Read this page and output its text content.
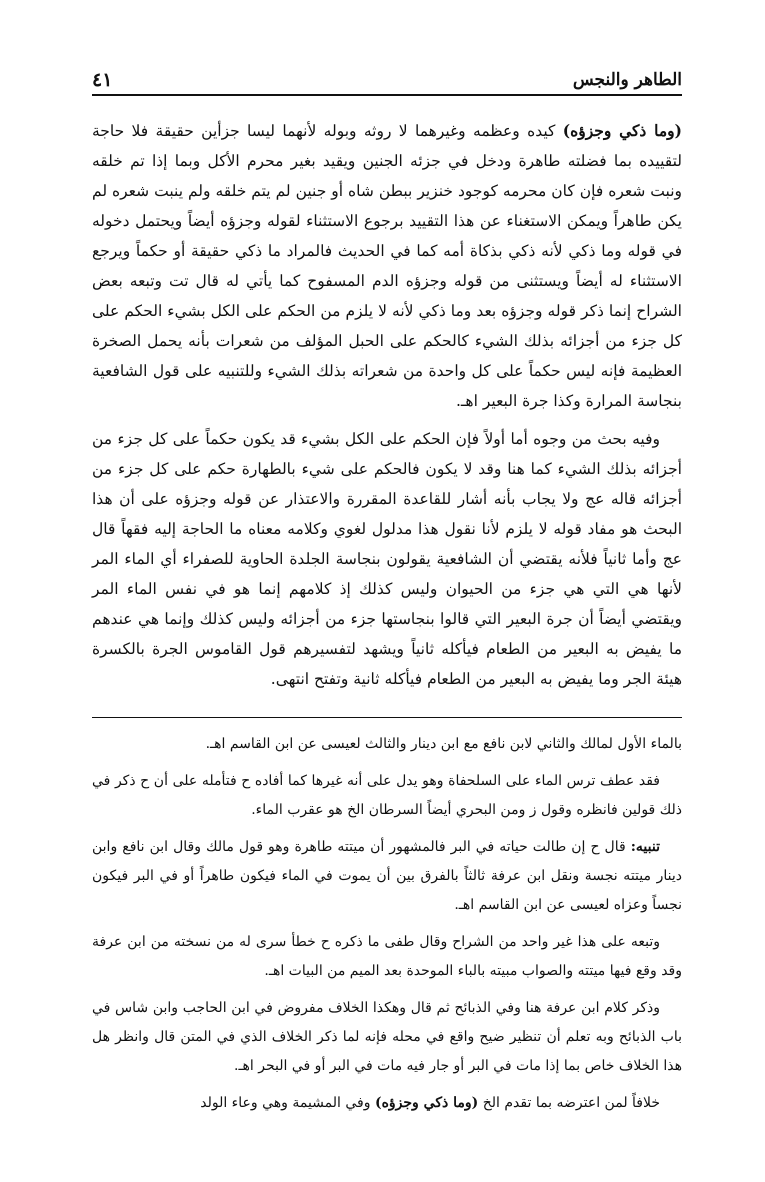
الطاهر والنجس
٤١

(وما ذكي وجزؤه) كيده وعظمه وغيرهما لا روثه وبوله لأنهما ليسا جزأين حقيقة فلا حاجة لتقييده بما فضلته طاهرة ودخل في جزئه الجنين ويقيد بغير محرم الأكل وبما إذا تم خلقه ونبت شعره فإن كان محرمه كوجود خنزير ببطن شاه أو جنين لم يتم خلقه ولم ينبت شعره لم يكن طاهراً ويمكن الاستغناء عن هذا التقييد برجوع الاستثناء لقوله وجزؤه أيضاً ويحتمل دخوله في قوله وما ذكي لأنه ذكي بذكاة أمه كما في الحديث فالمراد ما ذكي حقيقة أو حكماً ويرجع الاستثناء له أيضاً ويستثنى من قوله وجزؤه الدم المسفوح كما يأتي له قال تت وتبعه بعض الشراح إنما ذكر قوله وجزؤه بعد وما ذكي لأنه لا يلزم من الحكم على الكل بشيء الحكم على كل جزء من أجزائه بذلك الشيء كالحكم على الحبل المؤلف من شعرات بأنه يحمل الصخرة العظيمة فإنه ليس حكماً على كل واحدة من شعراته بذلك الشيء وللتنبيه على قول الشافعية بنجاسة المرارة وكذا جرة البعير اهـ.

وفيه بحث من وجوه أما أولاً فإن الحكم على الكل بشيء قد يكون حكماً على كل جزء من أجزائه بذلك الشيء كما هنا وقد لا يكون فالحكم على شيء بالطهارة حكم على كل جزء من أجزائه قاله عج ولا يجاب بأنه أشار للقاعدة المقررة والاعتذار عن قوله وجزؤه على أن هذا البحث هو مفاد قوله لا يلزم لأنا نقول هذا مدلول لغوي وكلامه معناه ما الحاجة إليه فقهاً قال عج وأما ثانياً فلأنه يقتضي أن الشافعية يقولون بنجاسة الجلدة الحاوية للصفراء أي الماء المر لأنها هي التي هي جزء من الحيوان وليس كذلك إذ كلامهم إنما هو في نفس الماء المر ويقتضي أيضاً أن جرة البعير التي قالوا بنجاستها جزء من أجزائه وليس كذلك وإنما هي عندهم ما يفيض به البعير من الطعام فيأكله ثانياً ويشهد لتفسيرهم قول القاموس الجرة بالكسرة هيئة الجر وما يفيض به البعير من الطعام فيأكله ثانية وتفتح انتهى.

بالماء الأول لمالك والثاني لابن نافع مع ابن دينار والثالث لعيسى عن ابن القاسم اهـ.

فقد عطف ترس الماء على السلحفاة وهو يدل على أنه غيرها كما أفاده ح فتأمله على أن ح ذكر في ذلك قولين فانظره وقول ز ومن البحري أيضاً السرطان الخ هو عقرب الماء.

تنبيه: قال ح إن طالت حياته في البر فالمشهور أن ميتته طاهرة وهو قول مالك وقال ابن نافع وابن دينار ميتته نجسة ونقل ابن عرفة ثالثاً بالفرق بين أن يموت في الماء فيكون طاهراً أو في البر فيكون نجساً وعزاه لعيسى عن ابن القاسم اهـ.

وتبعه على هذا غير واحد من الشراح وقال طفى ما ذكره ح خطأ سرى له من نسخته من ابن عرفة وقد وقع فيها ميتته والصواب مبيته بالباء الموحدة بعد الميم من البيات اهـ.

وذكر كلام ابن عرفة هنا وفي الذبائح ثم قال وهكذا الخلاف مفروض في ابن الحاجب وابن شاس في باب الذبائح وبه تعلم أن تنظير ضيح واقع في محله فإنه لما ذكر الخلاف الذي في المتن قال وانظر هل هذا الخلاف خاص بما إذا مات في البر أو جار فيه مات في البر أو في البحر اهـ.

خلافاً لمن اعترضه بما تقدم الخ (وما ذكي وجزؤه) وفي المشيمة وهي وعاء الولد
